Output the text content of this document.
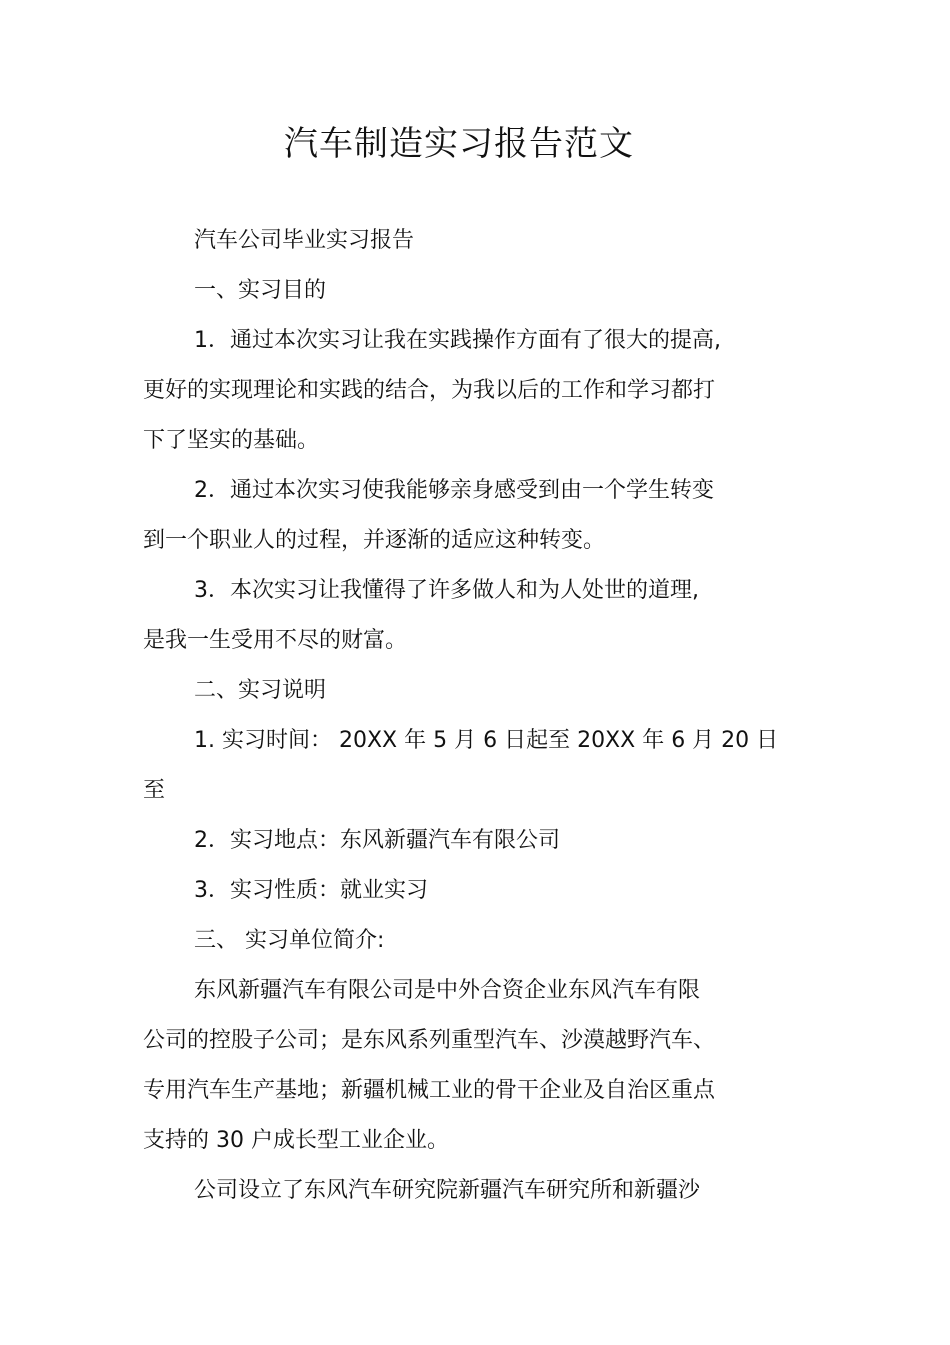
汽车制造实习报告范文

汽车公司毕业实习报告

一、实习目的

1．通过本次实习让我在实践操作方面有了很大的提高,

更好的实现理论和实践的结合，为我以后的工作和学习都打

下了坚实的基础。

2．通过本次实习使我能够亲身感受到由一个学生转变

到一个职业人的过程，并逐渐的适应这种转变。

3．本次实习让我懂得了许多做人和为人处世的道理,

是我一生受用不尽的财富。

二、实习说明

1. 实习时间： 20XX 年 5 月 6 日起至 20XX 年 6 月 20 日

至

2．实习地点：东风新疆汽车有限公司

3．实习性质：就业实习

三、 实习单位简介:

东风新疆汽车有限公司是中外合资企业东风汽车有限

公司的控股子公司；是东风系列重型汽车、沙漠越野汽车、

专用汽车生产基地；新疆机械工业的骨干企业及自治区重点

支持的 30 户成长型工业企业。

公司设立了东风汽车研究院新疆汽车研究所和新疆沙
